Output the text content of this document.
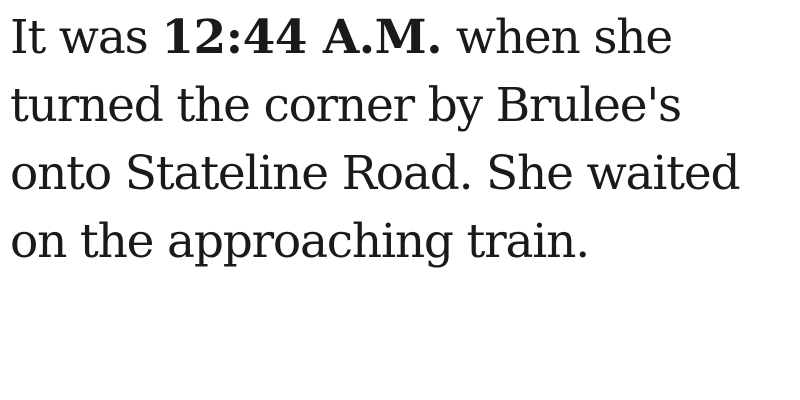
It was 12:44 A.M. when she turned the corner by Brulee's onto Stateline Road. She waited on the approaching train.
